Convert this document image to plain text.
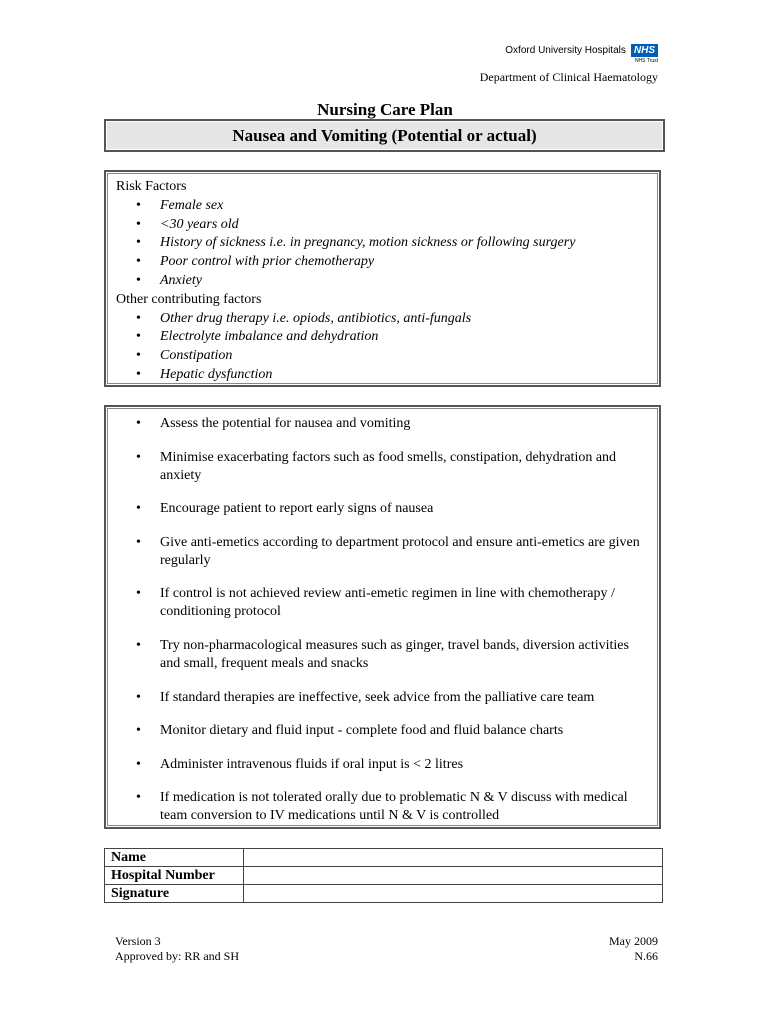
Oxford University Hospitals NHS
NHS Trust
Department of Clinical Haematology
Nursing Care Plan
Nausea and Vomiting (Potential or actual)
Risk Factors
• Female sex
• <30 years old
• History of sickness i.e. in pregnancy, motion sickness or following surgery
• Poor control with prior chemotherapy
• Anxiety
Other contributing factors
• Other drug therapy i.e. opiods, antibiotics, anti-fungals
• Electrolyte imbalance and dehydration
• Constipation
• Hepatic dysfunction
• Assess the potential for nausea and vomiting
• Minimise exacerbating factors such as food smells, constipation, dehydration and anxiety
• Encourage patient to report early signs of nausea
• Give anti-emetics according to department protocol and ensure anti-emetics are given regularly
• If control is not achieved review anti-emetic regimen in line with chemotherapy / conditioning protocol
• Try non-pharmacological measures such as ginger, travel bands, diversion activities and small, frequent meals and snacks
• If standard therapies are ineffective, seek advice from the palliative care team
• Monitor dietary and fluid input - complete food and fluid balance charts
• Administer intravenous fluids if oral input is < 2 litres
• If medication is not tolerated orally due to problematic N & V discuss with medical team conversion to IV medications until N & V is controlled
Name	
Hospital Number	
Signature	
Version 3
Approved by: RR and SH
May 2009
N.66
